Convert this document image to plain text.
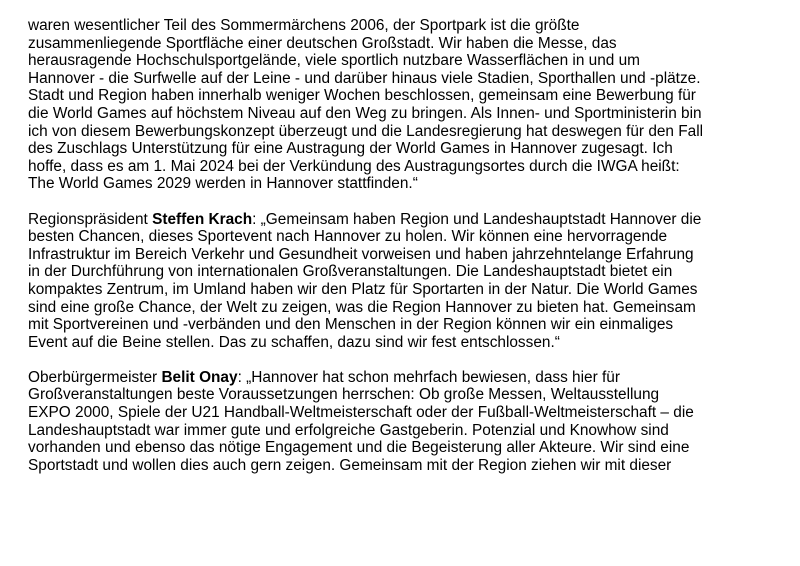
waren wesentlicher Teil des Sommermärchens 2006, der Sportpark ist die größte
zusammenliegende Sportfläche einer deutschen Großstadt. Wir haben die Messe, das
herausragende Hochschulsportgelände, viele sportlich nutzbare Wasserflächen in und um
Hannover - die Surfwelle auf der Leine - und darüber hinaus viele Stadien, Sporthallen und -plätze.
Stadt und Region haben innerhalb weniger Wochen beschlossen, gemeinsam eine Bewerbung für
die World Games auf höchstem Niveau auf den Weg zu bringen. Als Innen- und Sportministerin bin
ich von diesem Bewerbungskonzept überzeugt und die Landesregierung hat deswegen für den Fall
des Zuschlags Unterstützung für eine Austragung der World Games in Hannover zugesagt. Ich
hoffe, dass es am 1. Mai 2024 bei der Verkündung des Austragungsortes durch die IWGA heißt:
The World Games 2029 werden in Hannover stattfinden.“

Regionspräsident Steffen Krach: „Gemeinsam haben Region und Landeshauptstadt Hannover die
besten Chancen, dieses Sportevent nach Hannover zu holen. Wir können eine hervorragende
Infrastruktur im Bereich Verkehr und Gesundheit vorweisen und haben jahrzehntelange Erfahrung
in der Durchführung von internationalen Großveranstaltungen. Die Landeshauptstadt bietet ein
kompaktes Zentrum, im Umland haben wir den Platz für Sportarten in der Natur. Die World Games
sind eine große Chance, der Welt zu zeigen, was die Region Hannover zu bieten hat. Gemeinsam
mit Sportvereinen und -verbänden und den Menschen in der Region können wir ein einmaliges
Event auf die Beine stellen. Das zu schaffen, dazu sind wir fest entschlossen.“

Oberbürgermeister Belit Onay: „Hannover hat schon mehrfach bewiesen, dass hier für
Großveranstaltungen beste Voraussetzungen herrschen: Ob große Messen, Weltausstellung
EXPO 2000, Spiele der U21 Handball-Weltmeisterschaft oder der Fußball-Weltmeisterschaft – die
Landeshauptstadt war immer gute und erfolgreiche Gastgeberin. Potenzial und Knowhow sind
vorhanden und ebenso das nötige Engagement und die Begeisterung aller Akteure. Wir sind eine
Sportstadt und wollen dies auch gern zeigen. Gemeinsam mit der Region ziehen wir mit dieser
